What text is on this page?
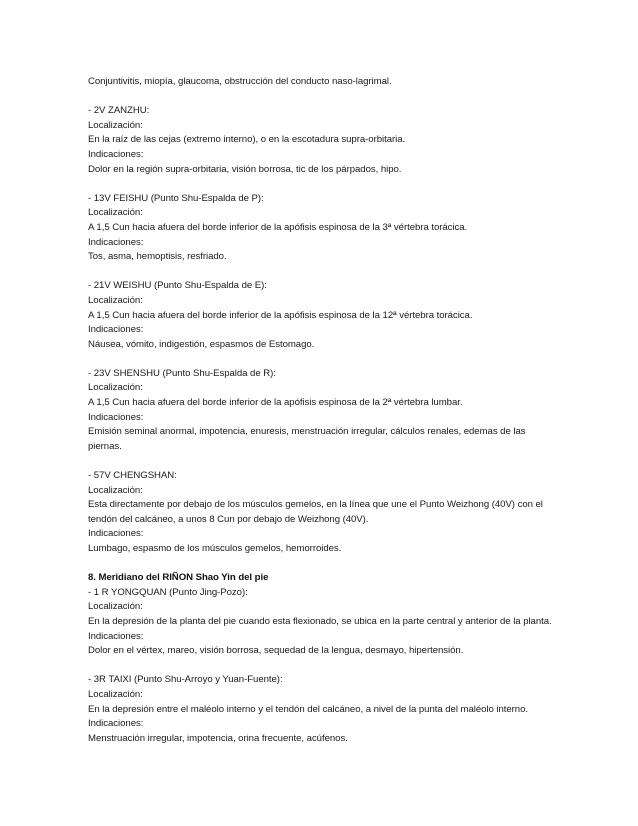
Conjuntivitis, miopía, glaucoma, obstrucción del conducto naso-lagrimal.
- 2V ZANZHU:
Localización:
En la raíz de las cejas (extremo interno), o en la escotadura supra-orbitaria.
Indicaciones:
Dolor en la región supra-orbitaria, visión borrosa, tic de los párpados, hipo.
- 13V FEISHU (Punto Shu-Espalda de P):
Localización:
A 1,5 Cun hacia afuera del borde inferior de la apófisis espinosa de la 3ª vértebra torácica.
Indicaciones:
Tos, asma, hemoptisis, resfriado.
- 21V WEISHU (Punto Shu-Espalda de E):
Localización:
A 1,5 Cun hacia afuera del borde inferior de la apófisis espinosa de la 12ª vértebra torácica.
Indicaciones:
Náusea, vómito, indigestión, espasmos de Estomago.
- 23V SHENSHU (Punto Shu-Espalda de R):
Localización:
A 1,5 Cun hacia afuera del borde inferior de la apófisis espinosa de la 2ª vértebra lumbar.
Indicaciones:
Emisión seminal anormal, impotencia, enuresis, menstruación irregular, cálculos renales, edemas de las
piernas.
- 57V CHENGSHAN:
Localización:
Esta directamente por debajo de los músculos gemelos, en la línea que une el Punto Weizhong (40V) con el
tendón del calcáneo, a unos 8 Cun por debajo de Weizhong (40V).
Indicaciones:
Lumbago, espasmo de los músculos gemelos, hemorroides.
8. Meridiano del RIÑON Shao Yin del pie
- 1 R YONGQUAN (Punto Jing-Pozo):
Localización:
En la depresión de la planta del pie cuando esta flexionado, se ubica en la parte central y anterior de la planta.
Indicaciones:
Dolor en el vértex, mareo, visión borrosa, sequedad de la lengua, desmayo, hipertensión.
- 3R TAIXI (Punto Shu-Arroyo y Yuan-Fuente):
Localización:
En la depresión entre el maléolo interno y el tendón del calcáneo, a nivel de la punta del maléolo interno.
Indicaciones:
Menstruación irregular, impotencia, orina frecuente, acúfenos.
